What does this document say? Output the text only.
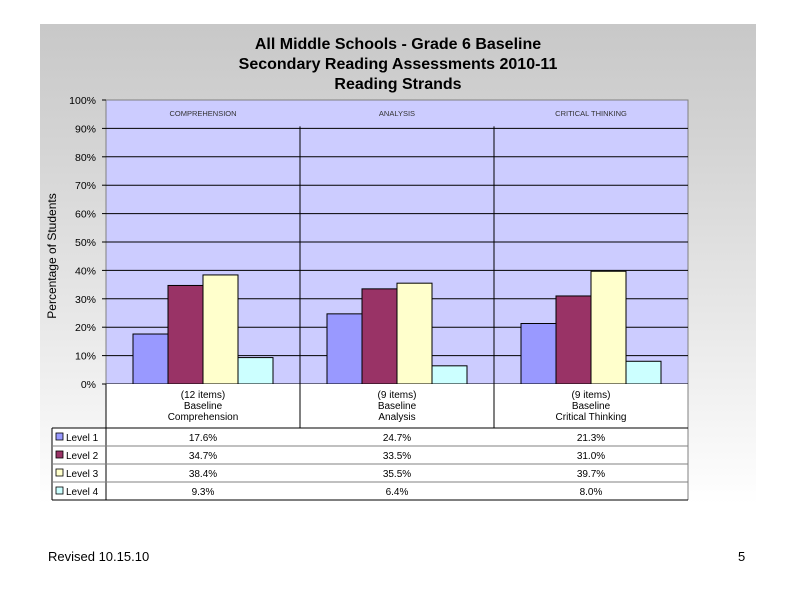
All Middle Schools - Grade 6 Baseline
Secondary Reading Assessments 2010-11
Reading Strands
Percentage of Students
0%
10%
20%
30%
40%
50%
60%
70%
80%
90%
100%
COMPREHENSION	ANALYSIS	CRITICAL THINKING
(12 items)
Baseline
Comprehension
(9 items)
Baseline
Analysis
(9 items)
Baseline
Critical Thinking
Level 1	17.6%	24.7%	21.3%
Level 2	34.7%	33.5%	31.0%
Level 3	38.4%	35.5%	39.7%
Level 4	9.3%	6.4%	8.0%
Revised 10.15.10	5
